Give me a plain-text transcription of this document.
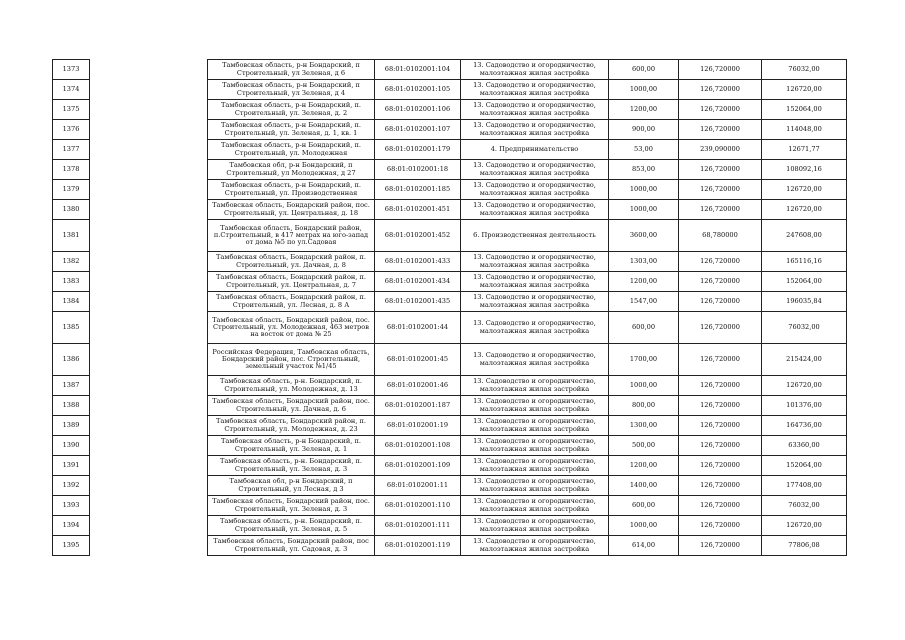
1373		Тамбовская область, р-н Бондарский, п Строительный, ул Зеленая, д 6	68:01:0102001:104	13. Садоводство и огородничество, малоэтажная жилая застройка	600,00	126,720000	76032,00
1374		Тамбовская область, р-н Бондарский, п Строительный, ул Зеленая, д 4	68:01:0102001:105	13. Садоводство и огородничество, малоэтажная жилая застройка	1000,00	126,720000	126720,00
1375		Тамбовская область, р-н Бондарский, п. Строительный, ул. Зеленая, д. 2	68:01:0102001:106	13. Садоводство и огородничество, малоэтажная жилая застройка	1200,00	126,720000	152064,00
1376		Тамбовская область, р-н Бондарский, п. Строительный, ул. Зеленая, д. 1, кв. 1	68:01:0102001:107	13. Садоводство и огородничество, малоэтажная жилая застройка	900,00	126,720000	114048,00
1377		Тамбовская область, р-н Бондарский, п. Строительный, ул. Молодежная	68:01:0102001:179	4. Предпринимательство	53,00	239,090000	12671,77
1378		Тамбовская обл, р-н Бондарский, п Строительный, ул Молодежная, д 27	68:01:0102001:18	13. Садоводство и огородничество, малоэтажная жилая застройка	853,00	126,720000	108092,16
1379		Тамбовская область, р-н Бондарский, п. Строительный, ул. Производственная	68:01:0102001:185	13. Садоводство и огородничество, малоэтажная жилая застройка	1000,00	126,720000	126720,00
1380		Тамбовская область, Бондарский район, пос. Строительный, ул. Центральная, д. 18	68:01:0102001:451	13. Садоводство и огородничество, малоэтажная жилая застройка	1000,00	126,720000	126720,00
1381		Тамбовская область, Бондарский район, п.Строительный, в 417 метрах на юго-запад от дома №5 по ул.Садовая	68:01:0102001:452	6. Производственная деятельность	3600,00	68,780000	247608,00
1382		Тамбовская область, Бондарский район, п. Строительный, ул. Дачная, д. 8	68:01:0102001:433	13. Садоводство и огородничество, малоэтажная жилая застройка	1303,00	126,720000	165116,16
1383		Тамбовская область, Бондарский район, п. Строительный, ул. Центральная, д. 7	68:01:0102001:434	13. Садоводство и огородничество, малоэтажная жилая застройка	1200,00	126,720000	152064,00
1384		Тамбовская область, Бондарский район, п. Строительный, ул. Лесная, д. 8 А	68:01:0102001:435	13. Садоводство и огородничество, малоэтажная жилая застройка	1547,00	126,720000	196035,84
1385		Тамбовская область, Бондарский район, пос. Строительный, ул. Молодежная, 463 метров на восток от дома № 25	68:01:0102001:44	13. Садоводство и огородничество, малоэтажная жилая застройка	600,00	126,720000	76032,00
1386		Российская Федерация, Тамбовская область, Бондарский район, пос. Строительный, земельный участок №1/45	68:01:0102001:45	13. Садоводство и огородничество, малоэтажная жилая застройка	1700,00	126,720000	215424,00
1387		Тамбовская область, р-н. Бондарский, п. Строительный, ул. Молодежная, д. 13	68:01:0102001:46	13. Садоводство и огородничество, малоэтажная жилая застройка	1000,00	126,720000	126720,00
1388		Тамбовская область, Бондарский район, пос. Строительный, ул. Дачная, д. 6	68:01:0102001:187	13. Садоводство и огородничество, малоэтажная жилая застройка	800,00	126,720000	101376,00
1389		Тамбовская область, Бондарский район, п. Строительный, ул. Молодежная, д. 23	68:01:0102001:19	13. Садоводство и огородничество, малоэтажная жилая застройка	1300,00	126,720000	164736,00
1390		Тамбовская область, р-н Бондарский, п. Строительный, ул. Зеленая, д. 1	68:01:0102001:108	13. Садоводство и огородничество, малоэтажная жилая застройка	500,00	126,720000	63360,00
1391		Тамбовская область, р-н. Бондарский, п. Строительный, ул. Зеленая, д. 3	68:01:0102001:109	13. Садоводство и огородничество, малоэтажная жилая застройка	1200,00	126,720000	152064,00
1392		Тамбовская обл, р-н Бондарский, п Строительный, ул Лесная, д 3	68:01:0102001:11	13. Садоводство и огородничество, малоэтажная жилая застройка	1400,00	126,720000	177408,00
1393		Тамбовская область, Бондарский район, пос. Строительный, ул. Зеленая, д. 3	68:01:0102001:110	13. Садоводство и огородничество, малоэтажная жилая застройка	600,00	126,720000	76032,00
1394		Тамбовская область, р-н. Бондарский, п. Строительный, ул. Зеленая, д. 5	68:01:0102001:111	13. Садоводство и огородничество, малоэтажная жилая застройка	1000,00	126,720000	126720,00
1395		Тамбовская область, Бондарский район, пос Строительный, ул. Садовая, д. 3	68:01:0102001:119	13. Садоводство и огородничество, малоэтажная жилая застройка	614,00	126,720000	77806,08
